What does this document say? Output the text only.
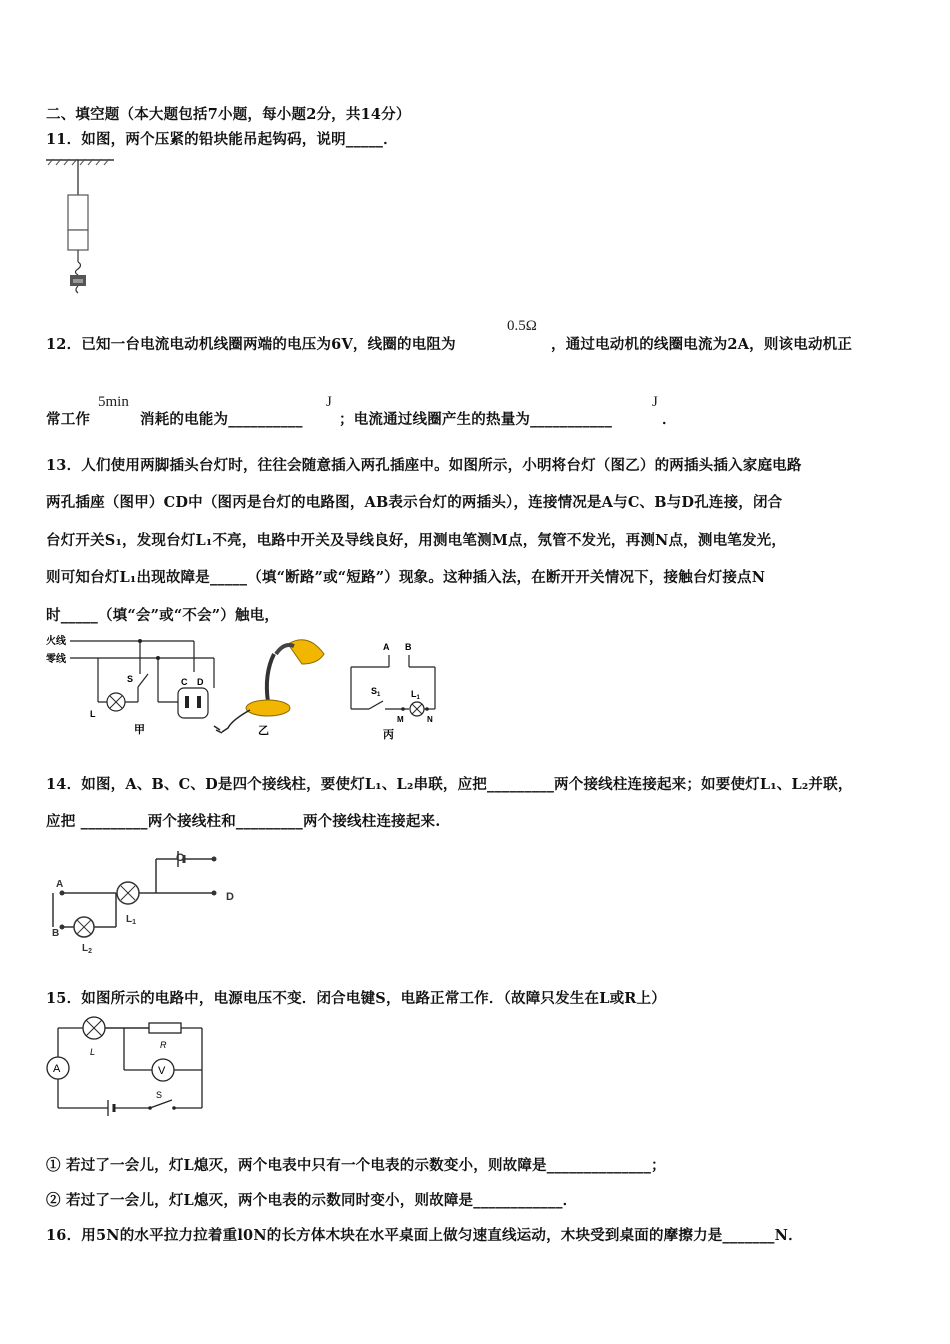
二、填空题（本大题包括7小题，每小题2分，共14分）
11．如图，两个压紧的铅块能吊起钩码，说明_____．
12．已知一台电流电动机线圈两端的电压为6V，线圈的电阻为
0.5Ω
，通过电动机的线圈电流为2A，则该电动机正
常工作
5min
消耗的电能为__________
J
；电流通过线圈产生的热量为___________
J
．
13．人们使用两脚插头台灯时，往往会随意插入两孔插座中。如图所示，小明将台灯（图乙）的两插头插入家庭电路
两孔插座（图甲）CD中（图丙是台灯的电路图，AB表示台灯的两插头），连接情况是A与C、B与D孔连接，闭合
台灯开关S₁，发现台灯L₁不亮，电路中开关及导线良好，用测电笔测M点，氖管不发光，再测N点，测电笔发光，
则可知台灯L₁出现故障是_____（填“断路”或“短路”）现象。这种插入法，在断开开关情况下，接触台灯接点N
时_____（填“会”或“不会”）触电，
火线
零线
S
L
C D
甲	乙
A B
$S_1$	$L_1$
M	N
丙
14．如图，A、B、C、D是四个接线柱，要使灯L₁、L₂串联，应把_________两个接线柱连接起来；如要使灯L₁、L₂并联，
应把 _________两个接线柱和_________两个接线柱连接起来.
C
D
A
B
$L_1$
$L_2$
15．如图所示的电路中，电源电压不变．闭合电键S，电路正常工作．（故障只发生在L或R上）
L
A
R
V
S
① 若过了一会儿，灯L熄灭，两个电表中只有一个电表的示数变小，则故障是______________；
② 若过了一会儿，灯L熄灭，两个电表的示数同时变小，则故障是____________．
16．用5N的水平拉力拉着重l0N的长方体木块在水平桌面上做匀速直线运动，木块受到桌面的摩擦力是_______N．
